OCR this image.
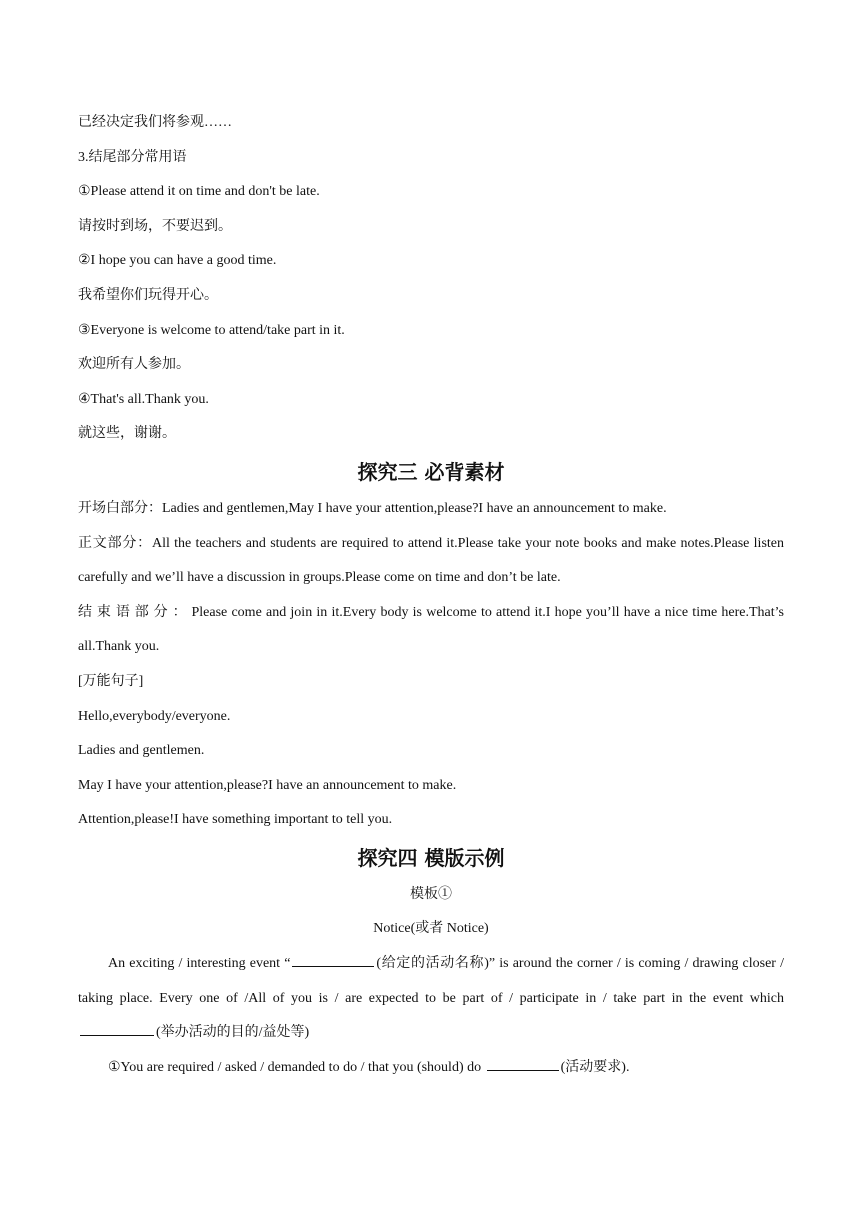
已经决定我们将参观……

3.结尾部分常用语

①Please attend it on time and don't be late.

请按时到场，不要迟到。

②I hope you can have a good time.

我希望你们玩得开心。

③Everyone is welcome to attend/take part in it.

欢迎所有人参加。

④That's all.Thank you.

就这些，谢谢。

探究三 必背素材

开场白部分：Ladies and gentlemen,May I have your attention,please?I have an announcement to make.

正文部分：All the teachers and students are required to attend it.Please take your note books and make notes.Please listen carefully and we’ll have a discussion in groups.Please come on time and don’t be late.

结束语部分：Please come and join in it.Every body is welcome to attend it.I hope you’ll have a nice time here.That’s all.Thank you.

[万能句子]

Hello,everybody/everyone.

Ladies and gentlemen.

May I have your attention,please?I have an announcement to make.

Attention,please!I have something important to tell you.

探究四 模版示例

模板①

Notice(或者 Notice)

An exciting / interesting event “	(给定的活动名称)” is around the corner / is coming / drawing closer / taking place. Every one of /All of you is / are expected to be part of / participate in / take part in the event which (举办活动的目的/益处等)

①You are required / asked / demanded to do / that you (should) do	(活动要求).
